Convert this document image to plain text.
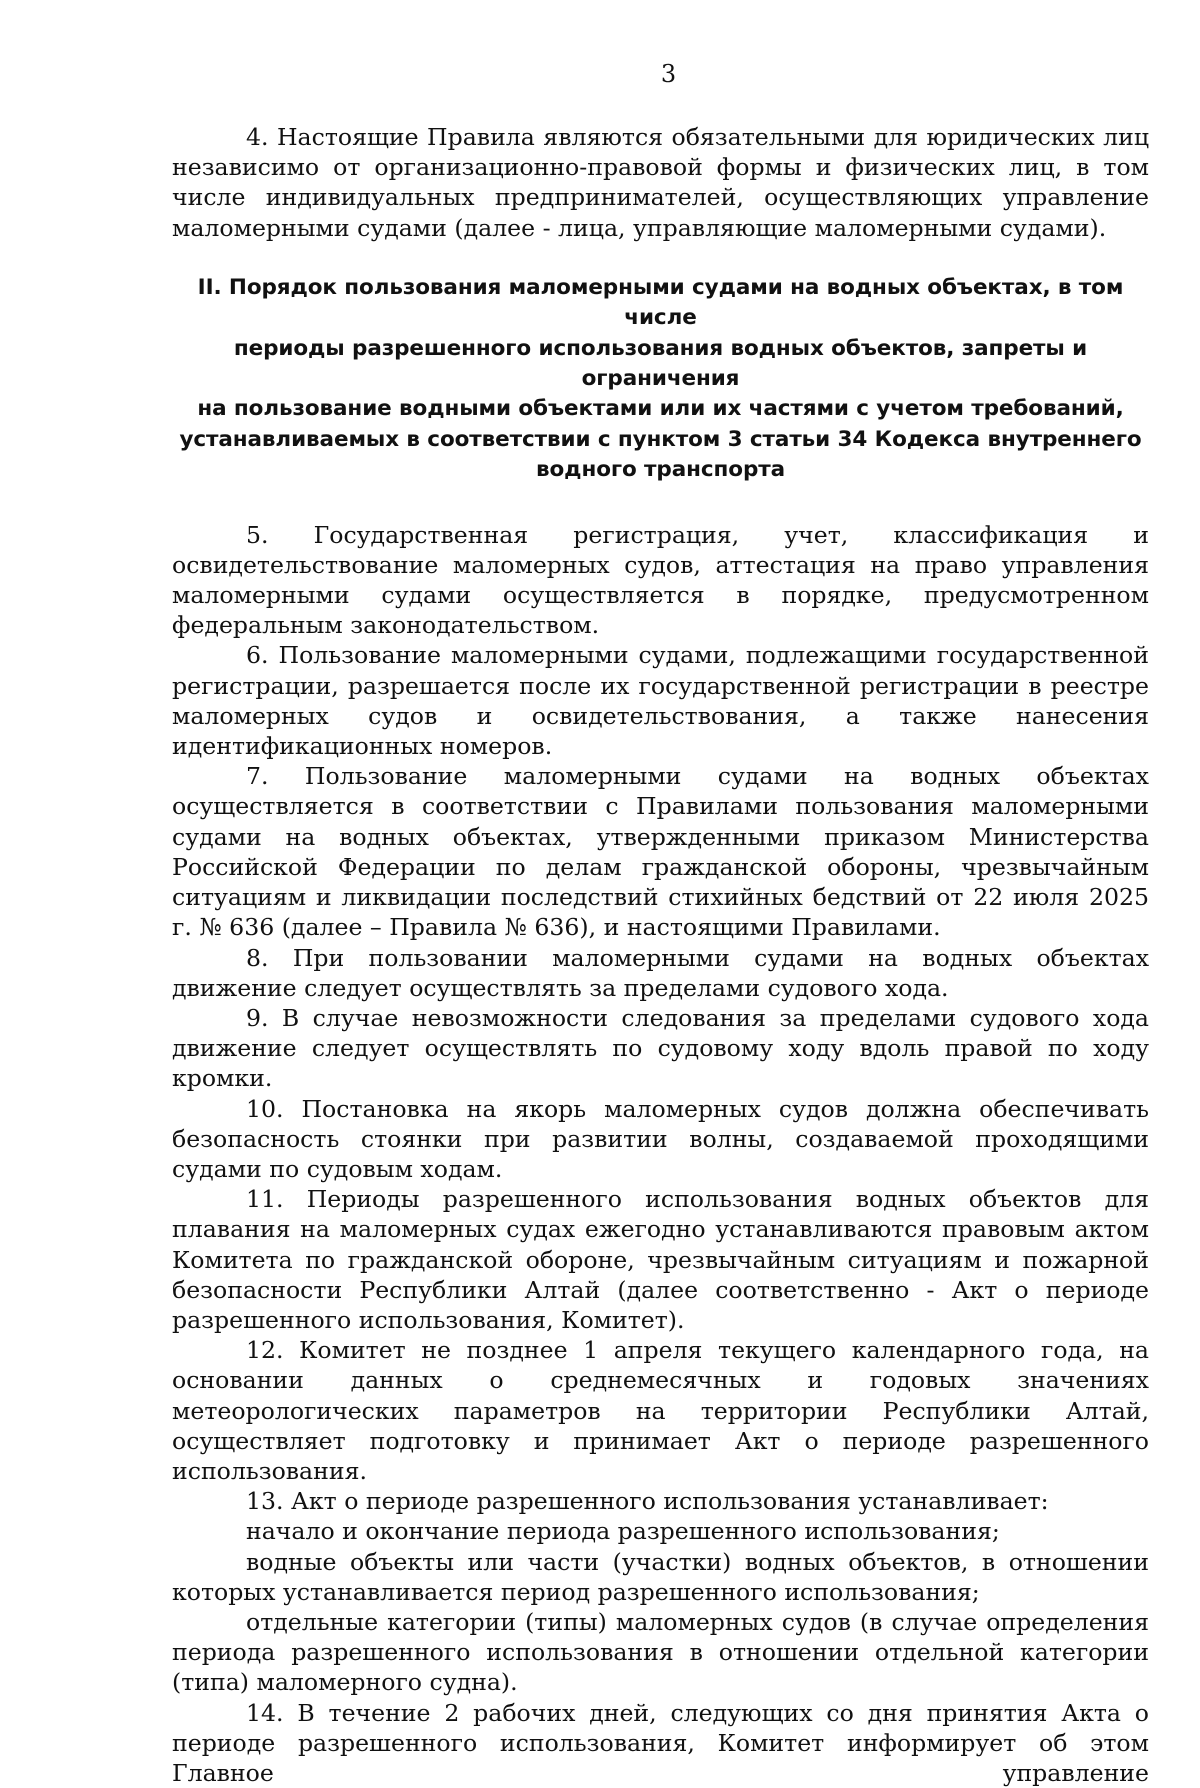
3

4. Настоящие Правила являются обязательными для юридических лиц независимо от организационно-правовой формы и физических лиц, в том числе индивидуальных предпринимателей, осуществляющих управление маломерными судами (далее - лица, управляющие маломерными судами).

II. Порядок пользования маломерными судами на водных объектах, в том числе
периоды разрешенного использования водных объектов, запреты и ограничения
на пользование водными объектами или их частями с учетом требований,
устанавливаемых в соответствии с пунктом 3 статьи 34 Кодекса внутреннего
водного транспорта

5. Государственная регистрация, учет, классификация и освидетельствование маломерных судов, аттестация на право управления маломерными судами осуществляется в порядке, предусмотренном федеральным законодательством.

6. Пользование маломерными судами, подлежащими государственной регистрации, разрешается после их государственной регистрации в реестре маломерных судов и освидетельствования, а также нанесения идентификационных номеров.

7. Пользование маломерными судами на водных объектах осуществляется в соответствии с Правилами пользования маломерными судами на водных объектах, утвержденными приказом Министерства Российской Федерации по делам гражданской обороны, чрезвычайным ситуациям и ликвидации последствий стихийных бедствий от 22 июля 2025 г. № 636 (далее – Правила № 636), и настоящими Правилами.

8. При пользовании маломерными судами на водных объектах движение следует осуществлять за пределами судового хода.

9. В случае невозможности следования за пределами судового хода движение следует осуществлять по судовому ходу вдоль правой по ходу кромки.

10. Постановка на якорь маломерных судов должна обеспечивать безопасность стоянки при развитии волны, создаваемой проходящими судами по судовым ходам.

11. Периоды разрешенного использования водных объектов для плавания на маломерных судах ежегодно устанавливаются правовым актом Комитета по гражданской обороне, чрезвычайным ситуациям и пожарной безопасности Республики Алтай (далее соответственно - Акт о периоде разрешенного использования, Комитет).

12. Комитет не позднее 1 апреля текущего календарного года, на основании данных о среднемесячных и годовых значениях метеорологических параметров на территории Республики Алтай, осуществляет подготовку и принимает Акт о периоде разрешенного использования.

13. Акт о периоде разрешенного использования устанавливает:

начало и окончание периода разрешенного использования;

водные объекты или части (участки) водных объектов, в отношении которых устанавливается период разрешенного использования;

отдельные категории (типы) маломерных судов (в случае определения периода разрешенного использования в отношении отдельной категории (типа) маломерного судна).

14. В течение 2 рабочих дней, следующих со дня принятия Акта о периоде разрешенного использования, Комитет информирует об этом Главное управление
